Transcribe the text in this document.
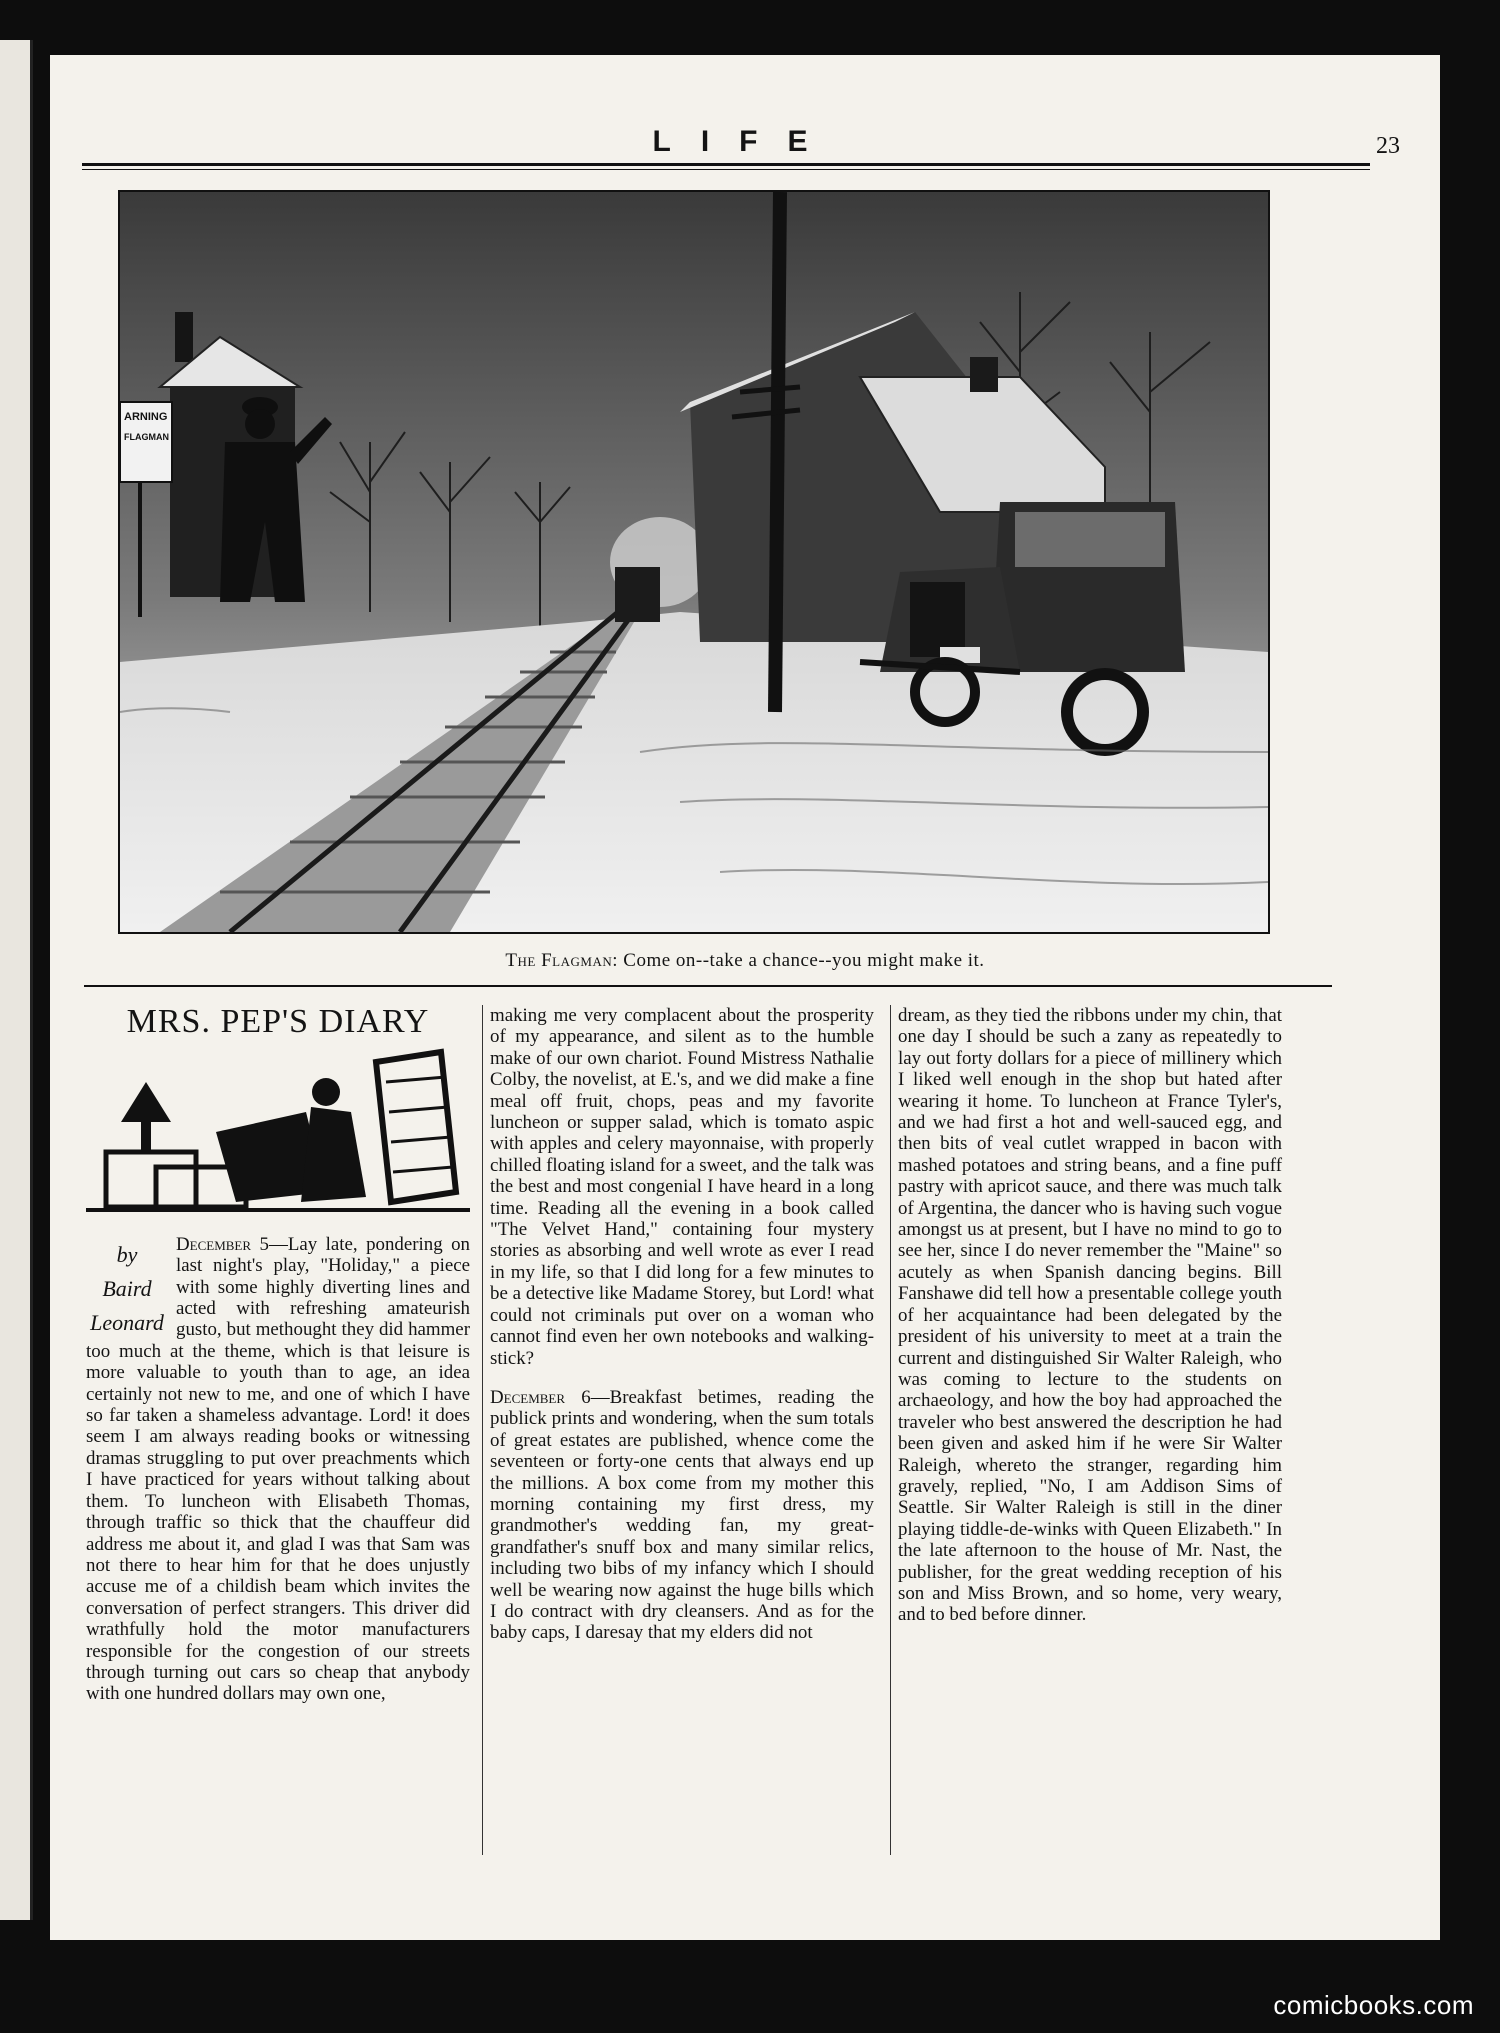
LIFE	23
ARNING
FLAGMAN
The Flagman: Come on--take a chance--you might make it.
MRS. PEP'S DIARY
by
Baird
Leonard

December 5—Lay late, pondering on last night's play, "Holiday," a piece with some highly diverting lines and acted with refreshing amateurish gusto, but methought they did hammer too much at the theme, which is that leisure is more valuable to youth than to age, an idea certainly not new to me, and one of which I have so far taken a shameless advantage. Lord! it does seem I am always reading books or witnessing dramas struggling to put over preachments which I have practiced for years without talking about them. To luncheon with Elisabeth Thomas, through traffic so thick that the chauffeur did address me about it, and glad I was that Sam was not there to hear him for that he does unjustly accuse me of a childish beam which invites the conversation of perfect strangers. This driver did wrathfully hold the motor manufacturers responsible for the congestion of our streets through turning out cars so cheap that anybody with one hundred dollars may own one,

making me very complacent about the prosperity of my appearance, and silent as to the humble make of our own chariot. Found Mistress Nathalie Colby, the novelist, at E.'s, and we did make a fine meal off fruit, chops, peas and my favorite luncheon or supper salad, which is tomato aspic with apples and celery mayonnaise, with properly chilled floating island for a sweet, and the talk was the best and most congenial I have heard in a long time. Reading all the evening in a book called "The Velvet Hand," containing four mystery stories as absorbing and well wrote as ever I read in my life, so that I did long for a few minutes to be a detective like Madame Storey, but Lord! what could not criminals put over on a woman who cannot find even her own notebooks and walking-stick?

December 6—Breakfast betimes, reading the publick prints and wondering, when the sum totals of great estates are published, whence come the seventeen or forty-one cents that always end up the millions. A box come from my mother this morning containing my first dress, my grandmother's wedding fan, my great-grandfather's snuff box and many similar relics, including two bibs of my infancy which I should well be wearing now against the huge bills which I do contract with dry cleansers. And as for the baby caps, I daresay that my elders did not

dream, as they tied the ribbons under my chin, that one day I should be such a zany as repeatedly to lay out forty dollars for a piece of millinery which I liked well enough in the shop but hated after wearing it home. To luncheon at France Tyler's, and we had first a hot and well-sauced egg, and then bits of veal cutlet wrapped in bacon with mashed potatoes and string beans, and a fine puff pastry with apricot sauce, and there was much talk of Argentina, the dancer who is having such vogue amongst us at present, but I have no mind to go to see her, since I do never remember the "Maine" so acutely as when Spanish dancing begins. Bill Fanshawe did tell how a presentable college youth of her acquaintance had been delegated by the president of his university to meet at a train the current and distinguished Sir Walter Raleigh, who was coming to lecture to the students on archaeology, and how the boy had approached the traveler who best answered the description he had been given and asked him if he were Sir Walter Raleigh, whereto the stranger, regarding him gravely, replied, "No, I am Addison Sims of Seattle. Sir Walter Raleigh is still in the diner playing tiddle-de-winks with Queen Elizabeth." In the late afternoon to the house of Mr. Nast, the publisher, for the great wedding reception of his son and Miss Brown, and so home, very weary, and to bed before dinner.

comicbooks.com
